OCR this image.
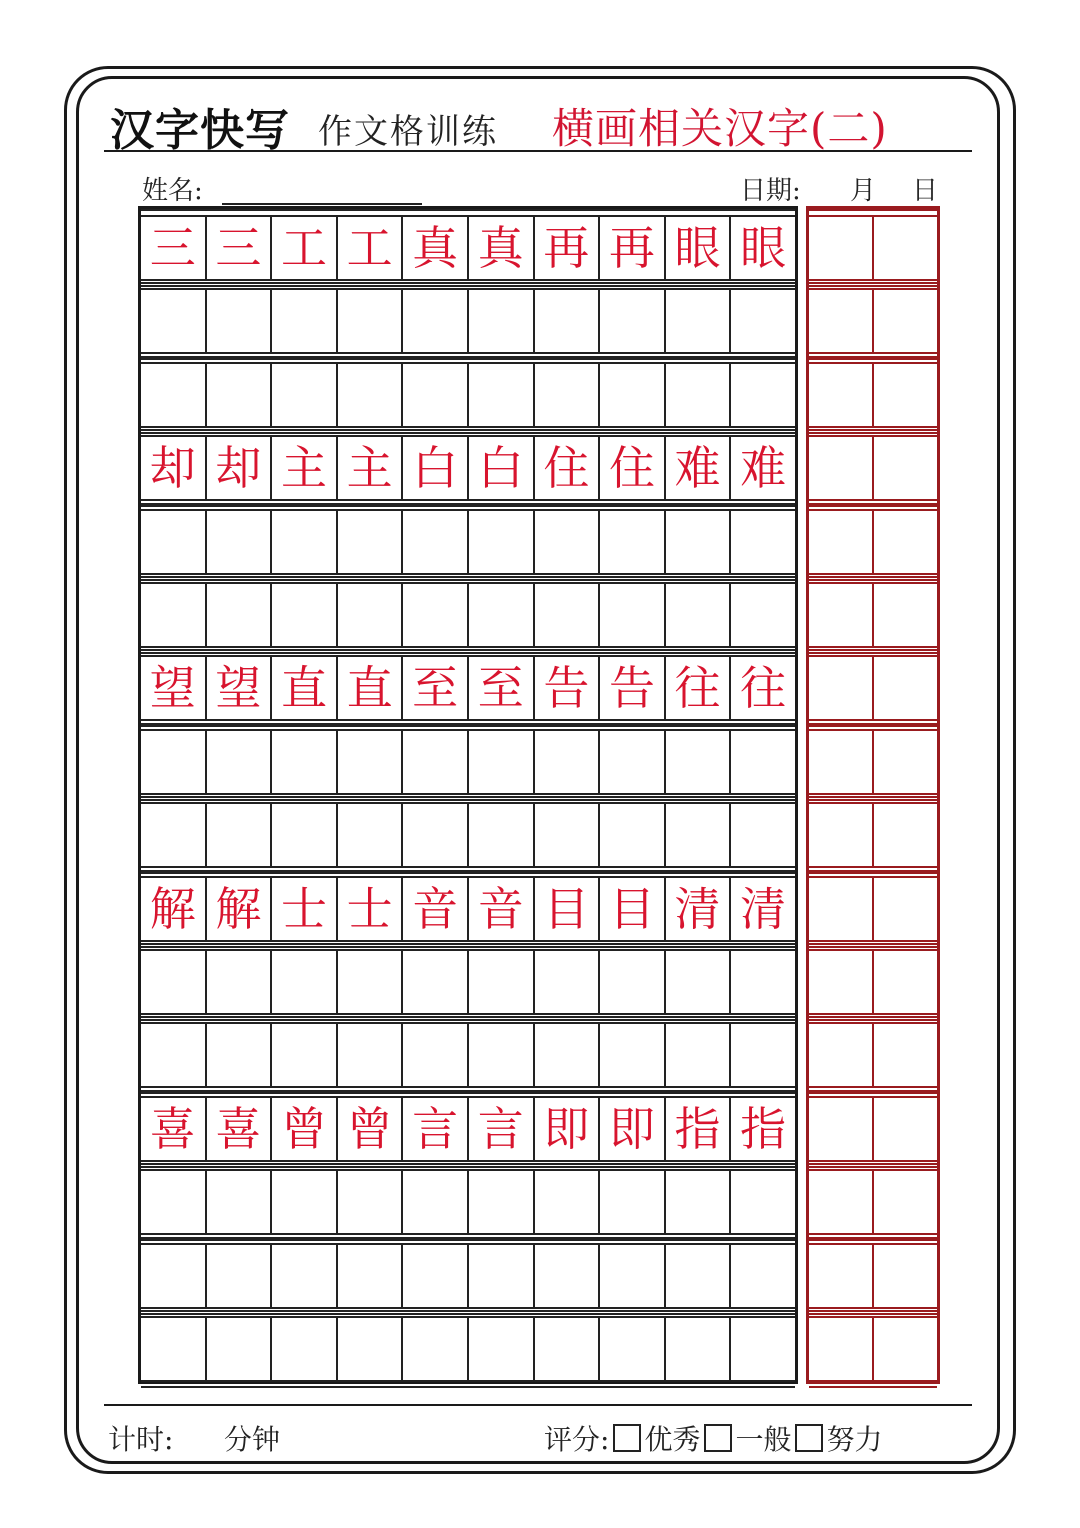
汉字快写 作文格训练 横画相关汉字(二)
姓名:	日期: 月 日
三 三 工 工 真 真 再 再 眼 眼
却 却 主 主 白 白 住 住 难 难
望 望 直 直 至 至 告 告 往 往
解 解 士 士 音 音 目 目 清 清
喜 喜 曾 曾 言 言 即 即 指 指
计时: 分钟	评分: 优秀 一般 努力
